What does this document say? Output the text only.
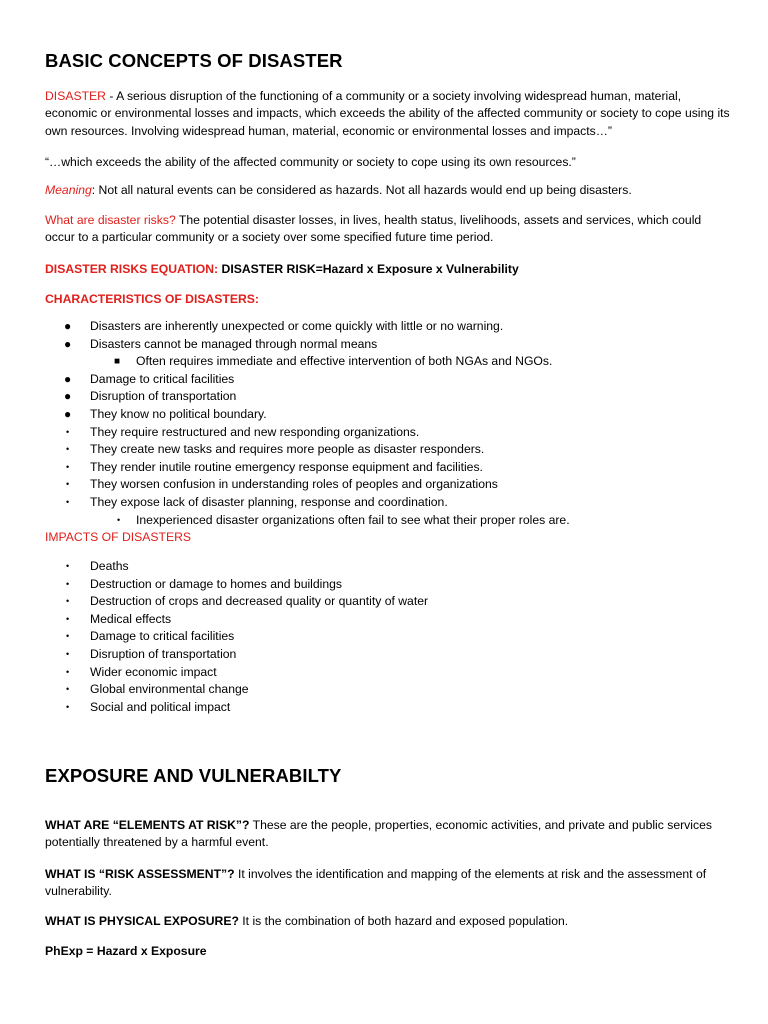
BASIC CONCEPTS OF DISASTER
DISASTER - A serious disruption of the functioning of a community or a society involving widespread human, material, economic or environmental losses and impacts, which exceeds the ability of the affected community or society to cope using its own resources. Involving widespread human, material, economic or environmental losses and impacts…”
“…which exceeds the ability of the affected community or society to cope using its own resources.”
Meaning: Not all natural events can be considered as hazards. Not all hazards would end up being disasters.
What are disaster risks? The potential disaster losses, in lives, health status, livelihoods, assets and services, which could occur to a particular community or a society over some specified future time period.
DISASTER RISKS EQUATION: DISASTER RISK=Hazard x Exposure x Vulnerability
CHARACTERISTICS OF DISASTERS:
● Disasters are inherently unexpected or come quickly with little or no warning.
● Disasters cannot be managed through normal means
■ Often requires immediate and effective intervention of both NGAs and NGOs.
● Damage to critical facilities
● Disruption of transportation
● They know no political boundary.
• They require restructured and new responding organizations.
• They create new tasks and requires more people as disaster responders.
• They render inutile routine emergency response equipment and facilities.
• They worsen confusion in understanding roles of peoples and organizations
• They expose lack of disaster planning, response and coordination.
• Inexperienced disaster organizations often fail to see what their proper roles are.
IMPACTS OF DISASTERS
• Deaths
• Destruction or damage to homes and buildings
• Destruction of crops and decreased quality or quantity of water
• Medical effects
• Damage to critical facilities
• Disruption of transportation
• Wider economic impact
• Global environmental change
• Social and political impact
EXPOSURE AND VULNERABILTY
WHAT ARE “ELEMENTS AT RISK”? These are the people, properties, economic activities, and private and public services potentially threatened by a harmful event.
WHAT IS “RISK ASSESSMENT”? It involves the identification and mapping of the elements at risk and the assessment of vulnerability.
WHAT IS PHYSICAL EXPOSURE? It is the combination of both hazard and exposed population.
PhExp = Hazard x Exposure
